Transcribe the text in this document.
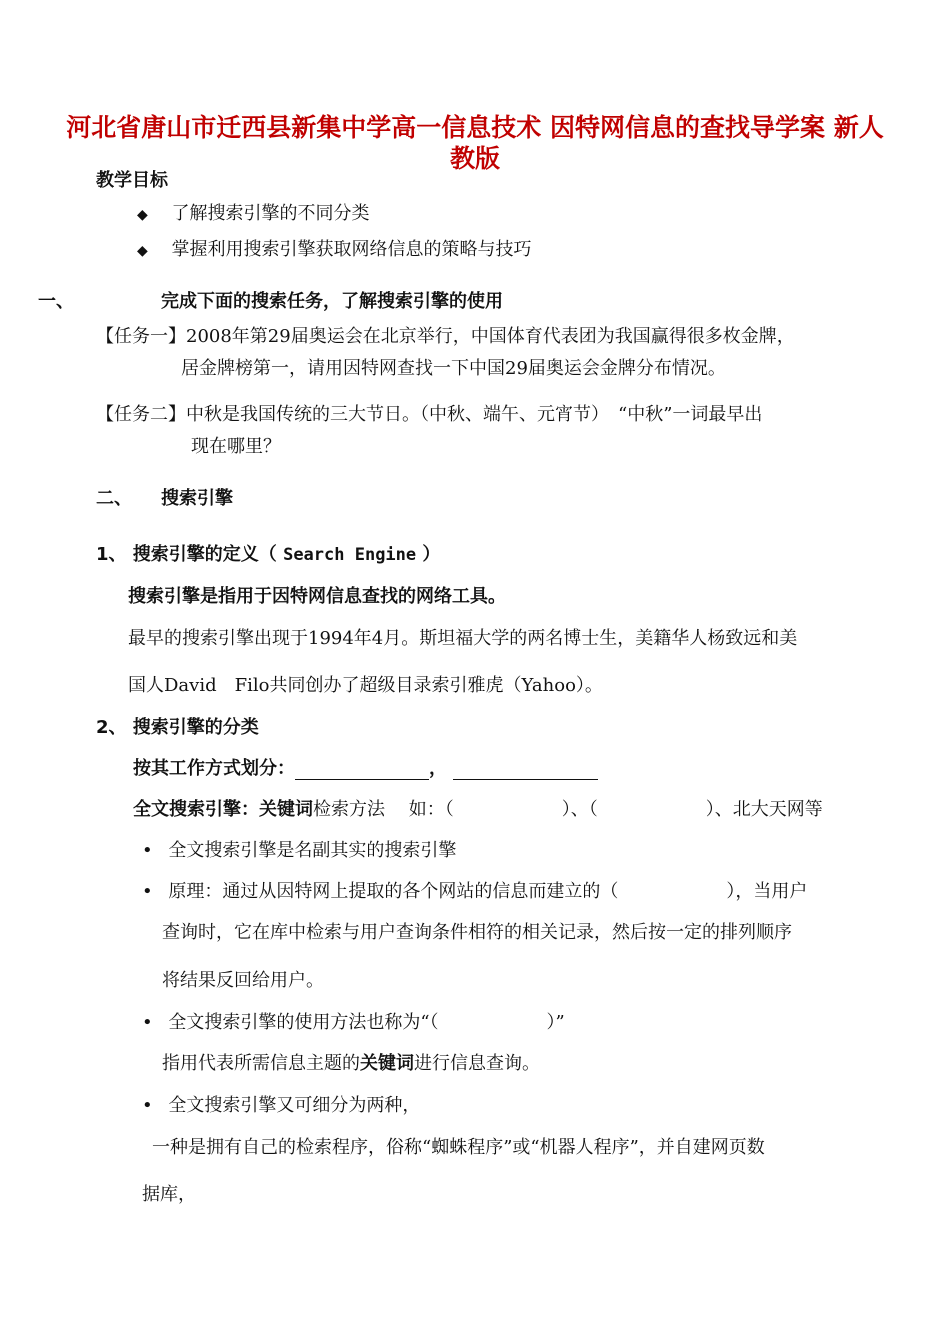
河北省唐山市迁西县新集中学高一信息技术 因特网信息的查找导学案 新人教版
教学目标
◆ 了解搜索引擎的不同分类
◆ 掌握利用搜索引擎获取网络信息的策略与技巧
一、	完成下面的搜索任务，了解搜索引擎的使用
【任务一】2008年第29届奥运会在北京举行，中国体育代表团为我国赢得很多枚金牌，
居金牌榜第一，请用因特网查找一下中国29届奥运会金牌分布情况。
【任务二】中秋是我国传统的三大节日。（中秋、端午、元宵节）　“中秋”一词最早出
现在哪里？
二、 搜索引擎
1、 搜索引擎的定义（ Search Engine ）
搜索引擎是指用于因特网信息查找的网络工具。
最早的搜索引擎出现于1994年4月。斯坦福大学的两名博士生，美籍华人杨致远和美
国人David　Filo共同创办了超级目录索引雅虎（Yahoo）。
2、 搜索引擎的分类
按其工作方式划分：	，
全文搜索引擎：关键词检索方法　 如：（　　　　　　）、（　　　　　　）、北大天网等
• 全文搜索引擎是名副其实的搜索引擎
• 原理：通过从因特网上提取的各个网站的信息而建立的（　　　　　　），当用户
查询时，它在库中检索与用户查询条件相符的相关记录，然后按一定的排列顺序
将结果反回给用户。
• 全文搜索引擎的使用方法也称为“（　　　　　　）”
指用代表所需信息主题的关键词进行信息查询。
• 全文搜索引擎又可细分为两种，
一种是拥有自己的检索程序，俗称“蜘蛛程序”或“机器人程序”，并自建网页数
据库，
